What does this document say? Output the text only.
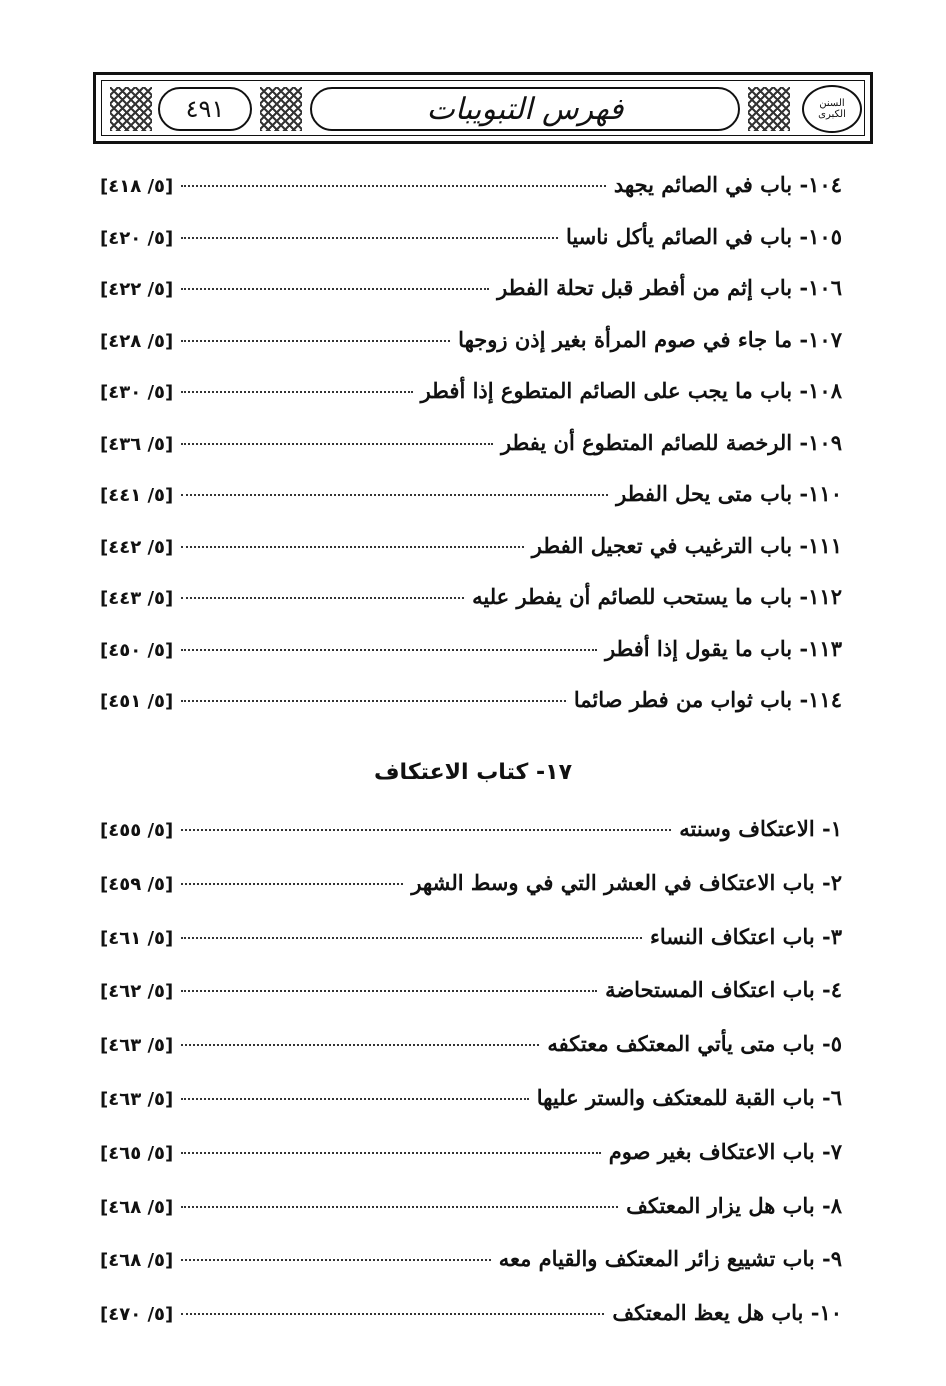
٤٩١	فهرس التبويبات	السنن الكبرى
١٠٤- باب في الصائم يجهد
[٥/ ٤١٨]
١٠٥- باب في الصائم يأكل ناسيا
[٥/ ٤٢٠]
١٠٦- باب إثم من أفطر قبل تحلة الفطر
[٥/ ٤٢٢]
١٠٧- ما جاء في صوم المرأة بغير إذن زوجها
[٥/ ٤٢٨]
١٠٨- باب ما يجب على الصائم المتطوع إذا أفطر
[٥/ ٤٣٠]
١٠٩- الرخصة للصائم المتطوع أن يفطر
[٥/ ٤٣٦]
١١٠- باب متى يحل الفطر
[٥/ ٤٤١]
١١١- باب الترغيب في تعجيل الفطر
[٥/ ٤٤٢]
١١٢- باب ما يستحب للصائم أن يفطر عليه
[٥/ ٤٤٣]
١١٣- باب ما يقول إذا أفطر
[٥/ ٤٥٠]
١١٤- باب ثواب من فطر صائما
[٥/ ٤٥١]
١٧- كتاب الاعتكاف
١- الاعتكاف وسنته
[٥/ ٤٥٥]
٢- باب الاعتكاف في العشر التي في وسط الشهر
[٥/ ٤٥٩]
٣- باب اعتكاف النساء
[٥/ ٤٦١]
٤- باب اعتكاف المستحاضة
[٥/ ٤٦٢]
٥- باب متى يأتي المعتكف معتكفه
[٥/ ٤٦٣]
٦- باب القبة للمعتكف والستر عليها
[٥/ ٤٦٣]
٧- باب الاعتكاف بغير صوم
[٥/ ٤٦٥]
٨- باب هل يزار المعتكف
[٥/ ٤٦٨]
٩- باب تشييع زائر المعتكف والقيام معه
[٥/ ٤٦٨]
١٠- باب هل يعظ المعتكف
[٥/ ٤٧٠]
